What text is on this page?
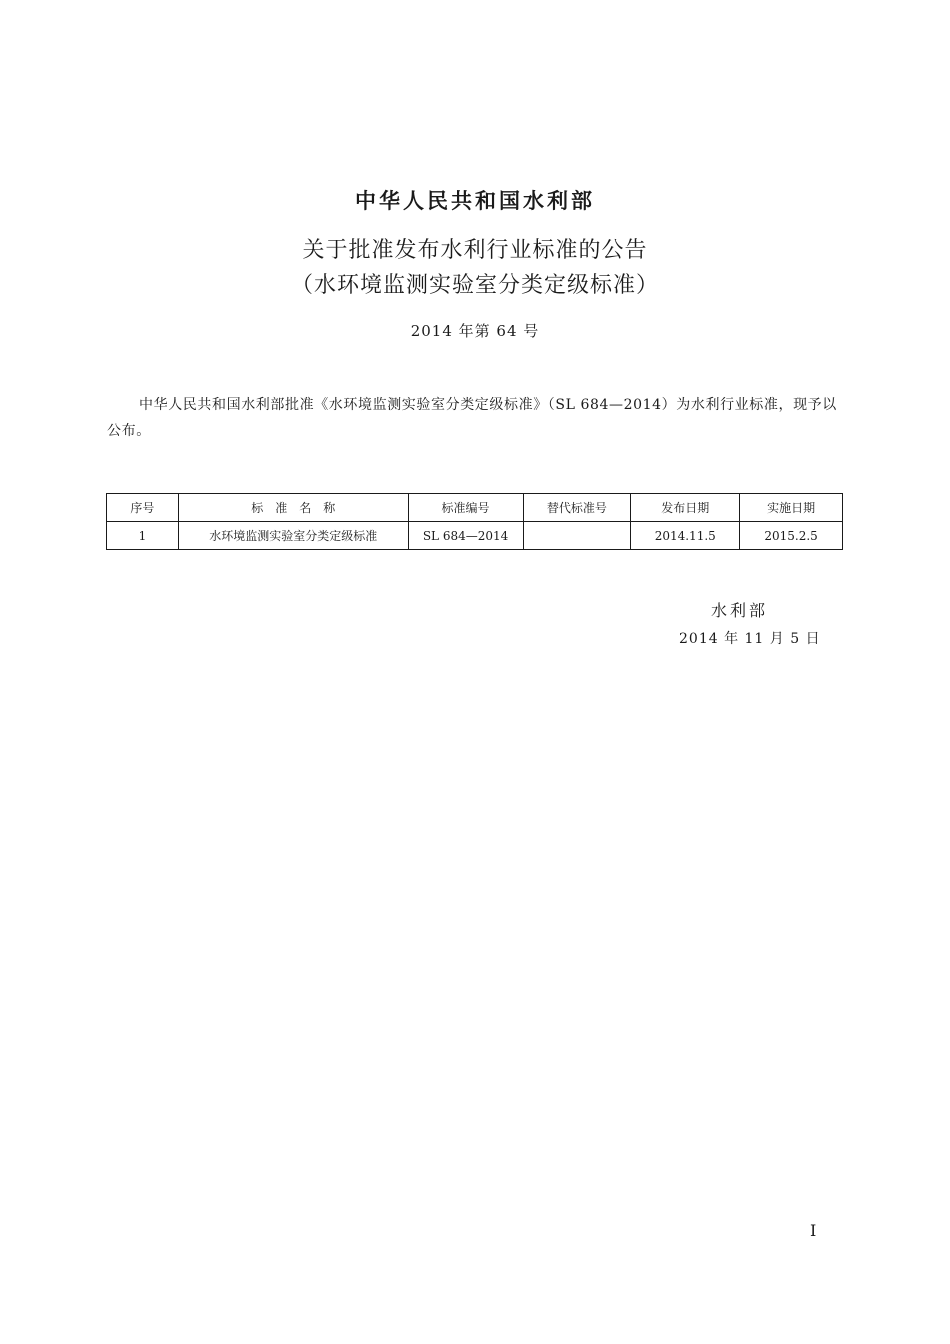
中华人民共和国水利部
关于批准发布水利行业标准的公告
（水环境监测实验室分类定级标准）
2014 年第 64 号

中华人民共和国水利部批准《水环境监测实验室分类定级标准》（SL 684—2014）为水利行业标准，现予以公布。

序号	标　准　名　称	标准编号	替代标准号	发布日期	实施日期
1	水环境监测实验室分类定级标准	SL 684—2014		2014.11.5	2015.2.5
水利部
2014 年 11 月 5 日
I
